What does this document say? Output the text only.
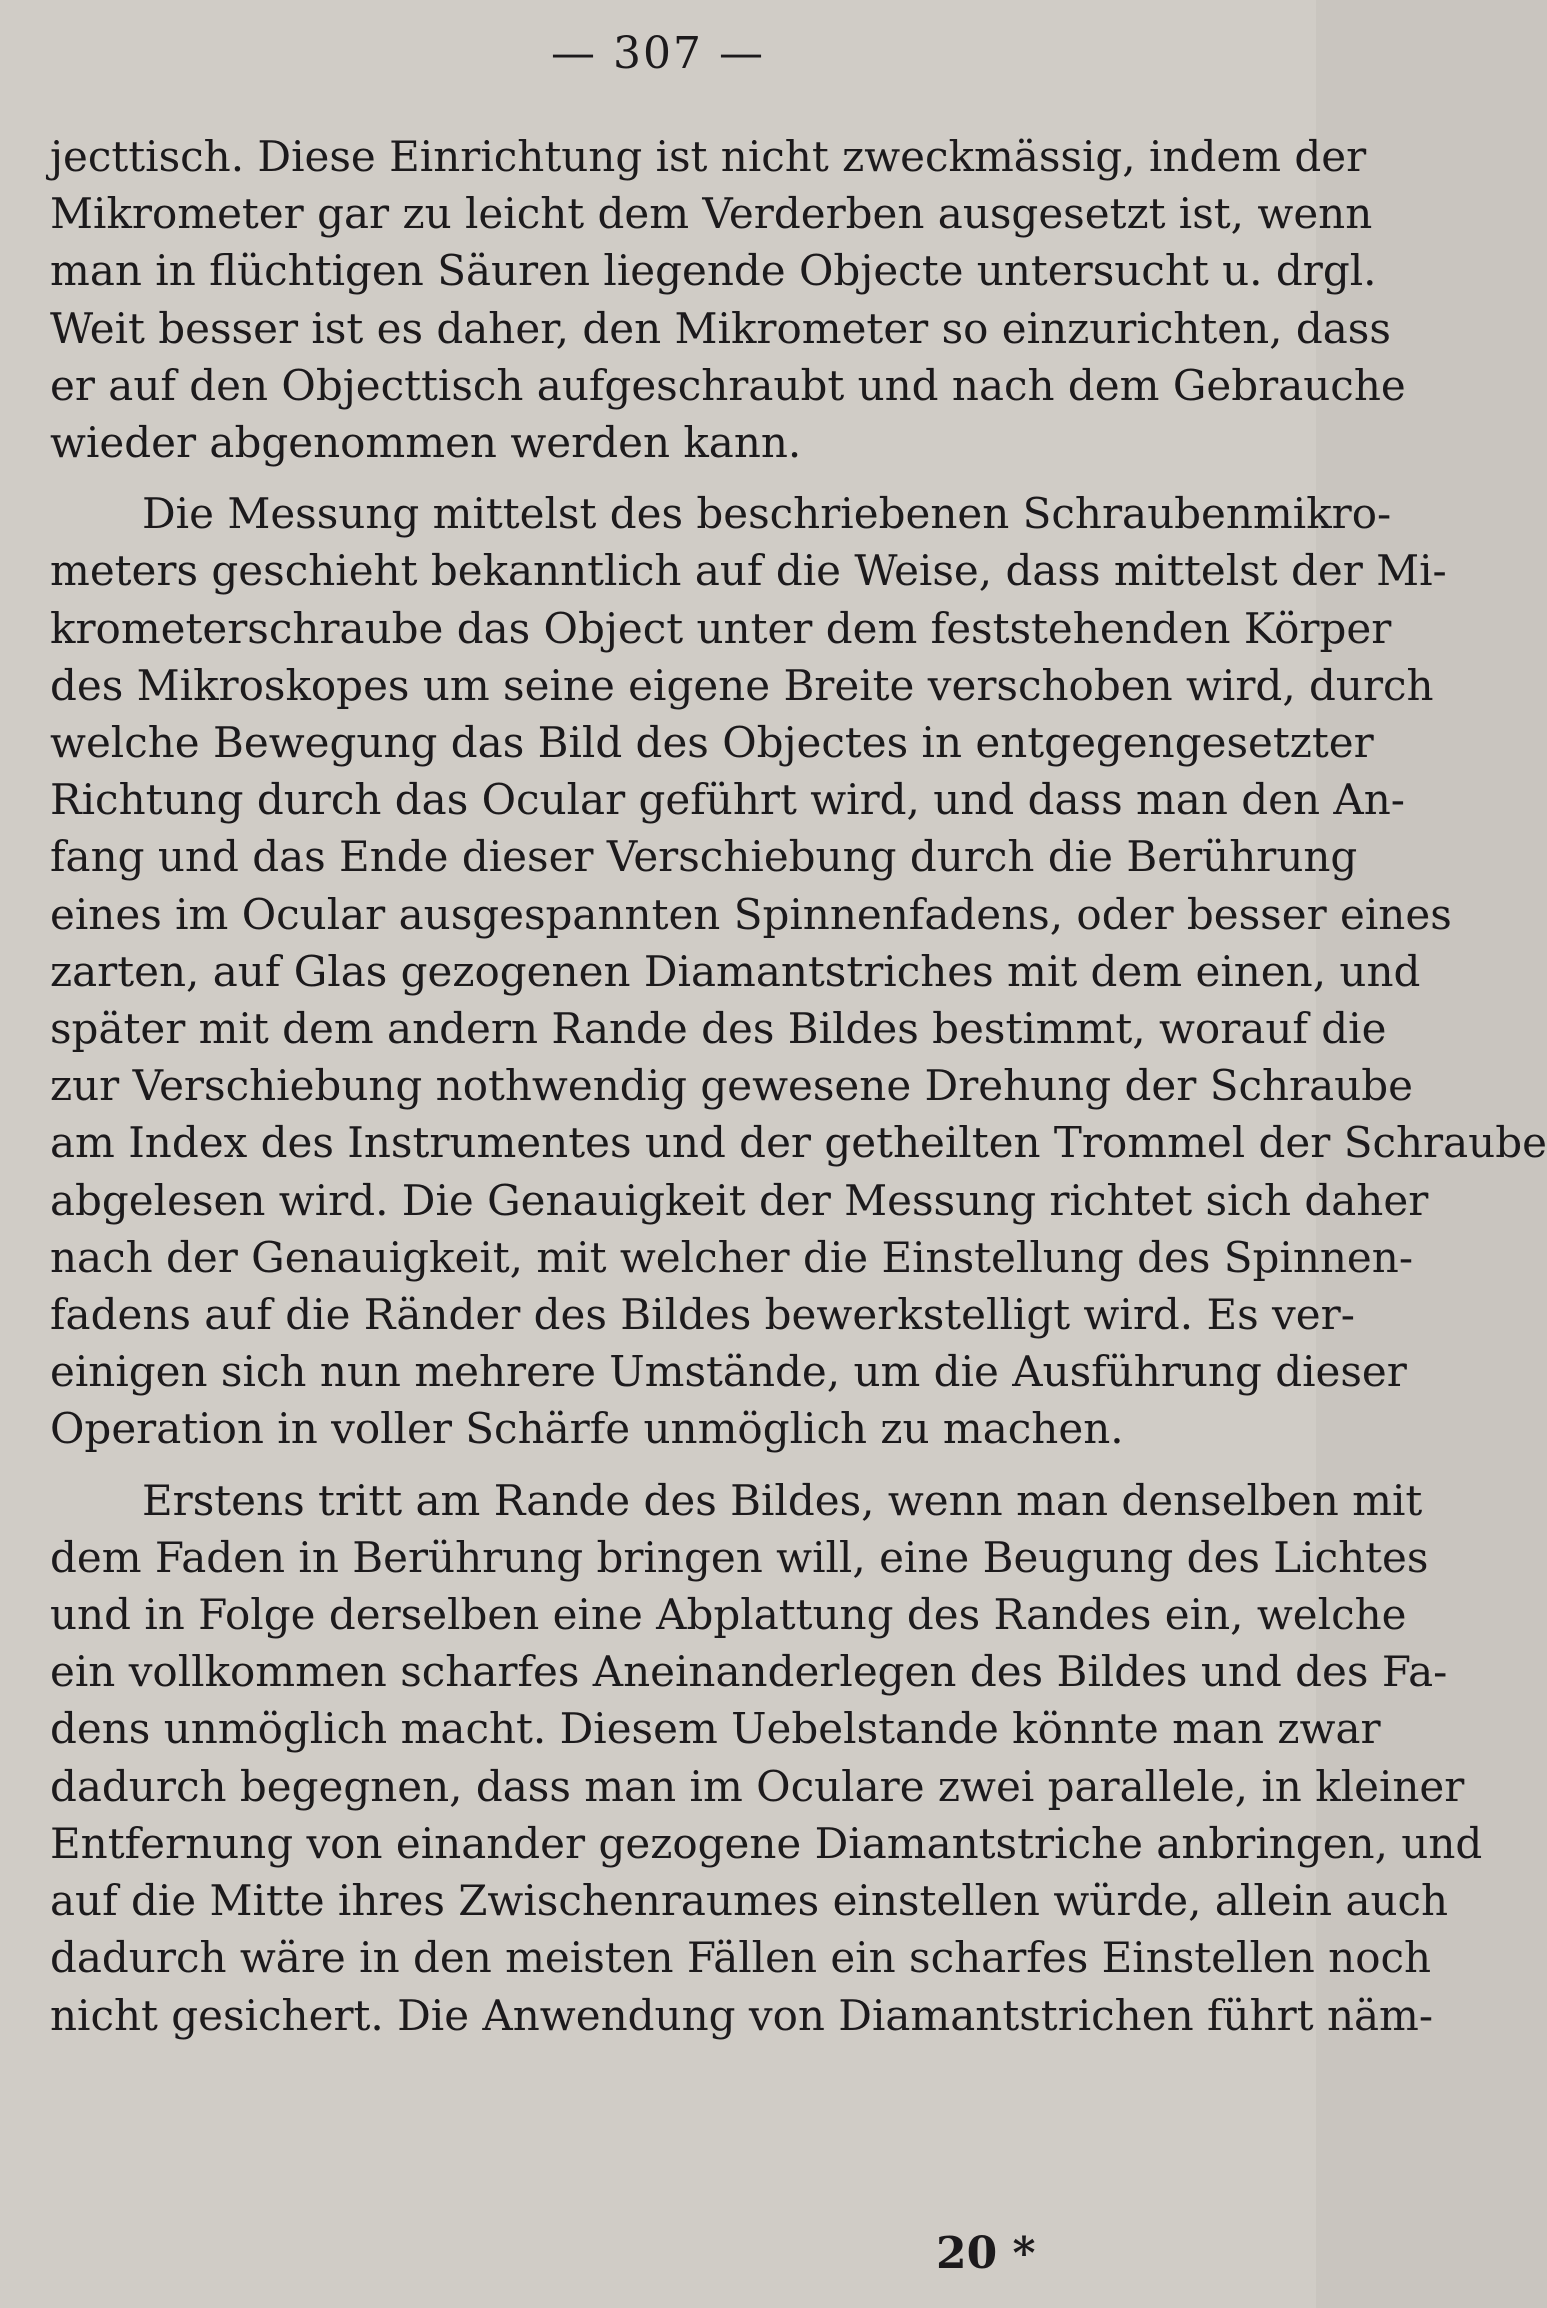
— 307 —
jecttisch. Diese Einrichtung ist nicht zweckmässig, indem der
Mikrometer gar zu leicht dem Verderben ausgesetzt ist, wenn
man in flüchtigen Säuren liegende Objecte untersucht u. drgl.
Weit besser ist es daher, den Mikrometer so einzurichten, dass
er auf den Objecttisch aufgeschraubt und nach dem Gebrauche
wieder abgenommen werden kann.
Die Messung mittelst des beschriebenen Schraubenmikro-
meters geschieht bekanntlich auf die Weise, dass mittelst der Mi-
krometerschraube das Object unter dem feststehenden Körper
des Mikroskopes um seine eigene Breite verschoben wird, durch
welche Bewegung das Bild des Objectes in entgegengesetzter
Richtung durch das Ocular geführt wird, und dass man den An-
fang und das Ende dieser Verschiebung durch die Berührung
eines im Ocular ausgespannten Spinnenfadens, oder besser eines
zarten, auf Glas gezogenen Diamantstriches mit dem einen, und
später mit dem andern Rande des Bildes bestimmt, worauf die
zur Verschiebung nothwendig gewesene Drehung der Schraube
am Index des Instrumentes und der getheilten Trommel der Schraube
abgelesen wird. Die Genauigkeit der Messung richtet sich daher
nach der Genauigkeit, mit welcher die Einstellung des Spinnen-
fadens auf die Ränder des Bildes bewerkstelligt wird. Es ver-
einigen sich nun mehrere Umstände, um die Ausführung dieser
Operation in voller Schärfe unmöglich zu machen.
Erstens tritt am Rande des Bildes, wenn man denselben mit
dem Faden in Berührung bringen will, eine Beugung des Lichtes
und in Folge derselben eine Abplattung des Randes ein, welche
ein vollkommen scharfes Aneinanderlegen des Bildes und des Fa-
dens unmöglich macht. Diesem Uebelstande könnte man zwar
dadurch begegnen, dass man im Oculare zwei parallele, in kleiner
Entfernung von einander gezogene Diamantstriche anbringen, und
auf die Mitte ihres Zwischenraumes einstellen würde, allein auch
dadurch wäre in den meisten Fällen ein scharfes Einstellen noch
nicht gesichert. Die Anwendung von Diamantstrichen führt näm-
20 *
